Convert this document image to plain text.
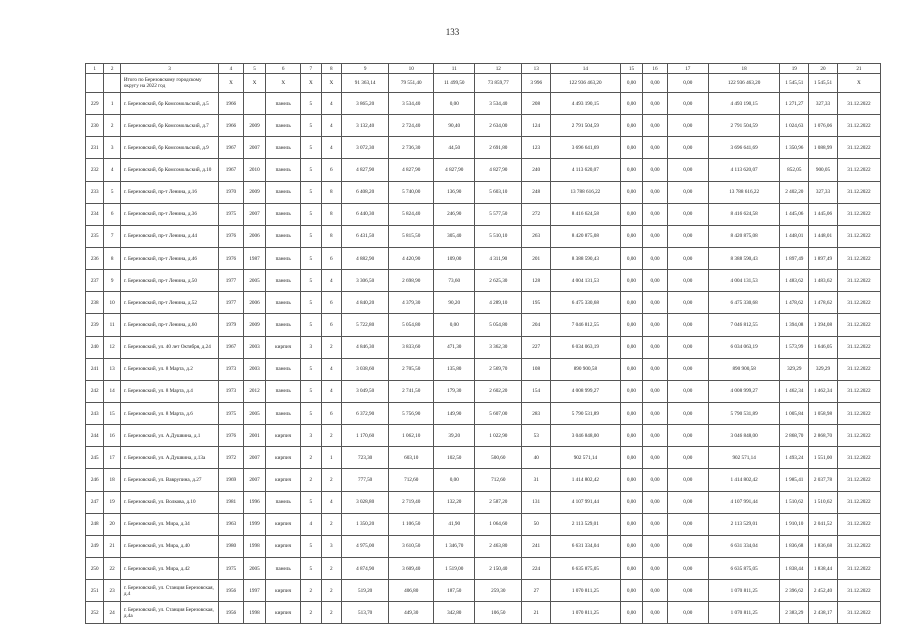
133
1	2	3	4	5	6	7	8	9	10	11	12	13	14	15	16	17	18	19	20	21
		Итого по Березовскому городскому округу на 2022 год	X	X	X	X	X	91 363,14	79 551,40	11 499,50	73 859,77	3 996	122 936 463,20	0,00	0,00	0,00	122 936 463,20	1 545,51	1 545,51	X
229	1	г. Березовский, бр Комсомольский, д.5	1966		панель	5	4	3 865,20	3 534,40	0,00	3 534,40	208	4 493 190,15	0,00	0,00	0,00	4 493 190,15	1 271,27	327,33	31.12.2022
230	2	г. Березовский, бр Комсомольский, д.7	1966	2009	панель	5	4	3 132,40	2 724,40	90,40	2 634,00	124	2 791 504,59	0,00	0,00	0,00	2 791 504,59	1 024,63	1 076,06	31.12.2022
231	3	г. Березовский, бр Комсомольский, д.9	1967	2007	панель	5	4	3 072,30	2 736,30	44,50	2 691,80	123	3 696 641,69	0,00	0,00	0,00	3 696 641,69	1 350,96	1 088,99	31.12.2022
232	4	г. Березовский, бр Комсомольский, д.10	1967	2010	панель	5	6	4 827,90	4 827,90	4 827,90	4 827,90	240	4 113 620,07	0,00	0,00	0,00	4 113 620,07	852,05	900,05	31.12.2022
233	5	г. Березовский, пр-т Ленина, д.16	1970	2009	панель	5	8	6 408,20	5 740,00	136,90	5 603,10	248	13 788 616,22	0,00	0,00	0,00	13 788 616,22	2 402,20	327,33	31.12.2022
234	6	г. Березовский, пр-т Ленина, д.36	1975	2007	панель	5	8	6 440,30	5 824,40	246,90	5 577,50	272	8 416 624,58	0,00	0,00	0,00	8 416 624,58	1 445,06	1 445,06	31.12.2022
235	7	г. Березовский, пр-т Ленина, д.44	1976	2006	панель	5	8	6 431,50	5 815,50	305,40	5 510,10	263	8 420 875,08	0,00	0,00	0,00	8 420 875,08	1 448,01	1 448,01	31.12.2022
236	8	г. Березовский, пр-т Ленина, д.46	1976	1987	панель	5	6	4 882,90	4 420,90	109,00	4 311,90	201	8 388 590,43	0,00	0,00	0,00	8 388 590,43	1 897,49	1 897,49	31.12.2022
237	9	г. Березовский, пр-т Ленина, д.50	1977	2005	панель	5	4	3 306,50	2 698,90	73,60	2 625,30	128	4 004 131,53	0,00	0,00	0,00	4 004 131,53	1 483,62	1 483,62	31.12.2022
238	10	г. Березовский, пр-т Ленина, д.52	1977	2006	панель	5	6	4 840,20	4 379,30	90,20	4 289,10	195	6 475 330,68	0,00	0,00	0,00	6 475 330,68	1 478,62	1 478,62	31.12.2022
239	11	г. Березовский, пр-т Ленина, д.60	1979	2009	панель	5	6	5 722,80	5 054,80	0,00	5 054,80	204	7 046 812,55	0,00	0,00	0,00	7 046 812,55	1 394,08	1 394,08	31.12.2022
240	12	г. Березовский, ул. 40 лет Октября, д.24	1967	2003	кирпич	3	2	4 846,30	3 833,60	471,30	3 362,30	227	6 034 063,19	0,00	0,00	0,00	6 034 063,19	1 573,99	1 646,05	31.12.2022
241	13	г. Березовский, ул. 8 Марта, д.2	1973	2003	панель	5	4	3 038,60	2 705,50	135,80	2 569,70	108	890 900,58	0,00	0,00	0,00	890 900,58	329,29	329,29	31.12.2022
242	14	г. Березовский, ул. 8 Марта, д.4	1973	2012	панель	5	4	3 049,50	2 741,50	179,30	2 602,20	154	4 008 999,27	0,00	0,00	0,00	4 008 999,27	1 462,34	1 462,34	31.12.2022
243	15	г. Березовский, ул. 8 Марта, д.6	1975	2005	панель	5	6	6 372,90	5 756,90	149,90	5 607,00	283	5 790 531,89	0,00	0,00	0,00	5 790 531,89	1 005,84	1 058,98	31.12.2022
244	16	г. Березовский, ул. А.Душвина, д.1	1976	2001	кирпич	3	2	1 170,60	1 062,10	39,20	1 022,90	53	3 046 848,00	0,00	0,00	0,00	3 046 848,00	2 868,70	2 868,70	31.12.2022
245	17	г. Березовский, ул. А.Душвина, д.13а	1972	2007	кирпич	2	1	723,30	603,10	102,50	500,60	40	902 571,14	0,00	0,00	0,00	902 571,14	1 493,24	1 551,00	31.12.2022
246	18	г. Березовский, ул. Ваврупина, д.27	1969	2007	кирпич	2	2	777,50	712,60	0,00	712,60	31	1 414 802,42	0,00	0,00	0,00	1 414 802,42	1 985,41	2 037,78	31.12.2022
247	19	г. Березовский, ул. Волкова, д.10	1981	1996	панель	5	4	3 028,80	2 719,40	132,20	2 587,20	131	4 107 991,44	0,00	0,00	0,00	4 107 991,44	1 510,62	1 510,62	31.12.2022
248	20	г. Березовский, ул. Мира, д.34	1963	1999	кирпич	4	2	1 350,20	1 106,50	41,90	1 064,60	50	2 113 529,01	0,00	0,00	0,00	2 113 529,01	1 910,10	2 041,52	31.12.2022
249	21	г. Березовский, ул. Мира, д.40	1980	1998	кирпич	5	3	4 975,00	3 610,50	1 346,70	2 463,80	241	6 631 334,04	0,00	0,00	0,00	6 631 334,04	1 836,68	1 836,68	31.12.2022
250	22	г. Березовский, ул. Мира, д.42	1975	2005	панель	5	2	4 874,90	3 609,40	1 519,00	2 150,40	224	6 635 875,05	0,00	0,00	0,00	6 635 875,05	1 838,44	1 838,44	31.12.2022
251	23	г. Березовский, ул. Станция Березовская, д.4	1956	1997	кирпич	2	2	519,20	406,80	187,50	259,30	27	1 070 811,25	0,00	0,00	0,00	1 070 811,25	2 396,62	2 452,40	31.12.2022
252	24	г. Березовский, ул. Станция Березовская, д.4а	1956	1998	кирпич	2	2	513,70	449,30	342,80	106,50	21	1 070 811,25	0,00	0,00	0,00	1 070 811,25	2 383,29	2 438,17	31.12.2022
